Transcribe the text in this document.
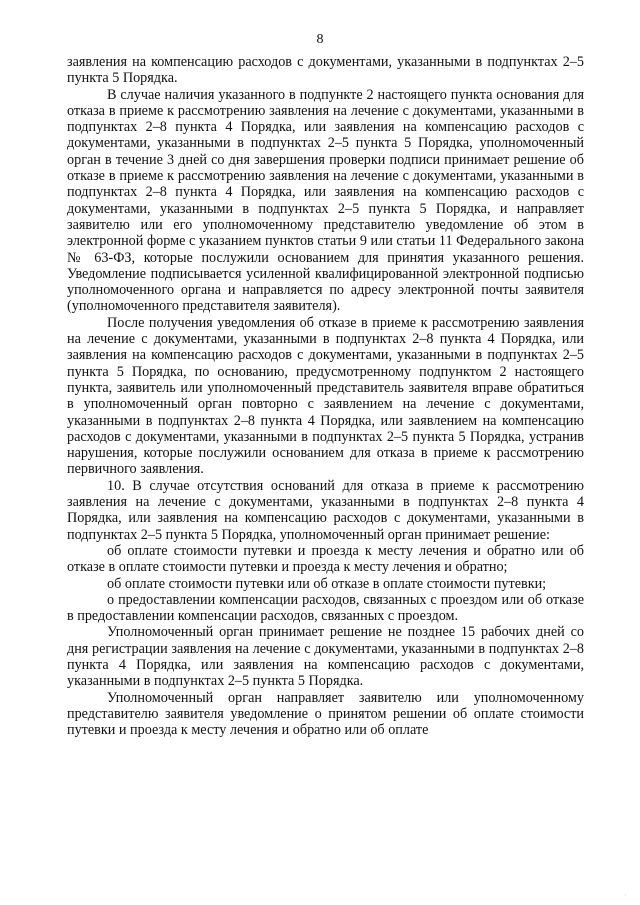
8

заявления на компенсацию расходов с документами, указанными в подпунктах 2–5 пункта 5 Порядка.

В случае наличия указанного в подпункте 2 настоящего пункта основания для отказа в приеме к рассмотрению заявления на лечение с документами, указанными в подпунктах 2–8 пункта 4 Порядка, или заявления на компенсацию расходов с документами, указанными в подпунктах 2–5 пункта 5 Порядка, уполномоченный орган в течение 3 дней со дня завершения проверки подписи принимает решение об отказе в приеме к рассмотрению заявления на лечение с документами, указанными в подпунктах 2–8 пункта 4 Порядка, или заявления на компенсацию расходов с документами, указанными в подпунктах 2–5 пункта 5 Порядка, и направляет заявителю или его уполномоченному представителю уведомление об этом в электронной форме с указанием пунктов статьи 9 или статьи 11 Федерального закона № 63-ФЗ, которые послужили основанием для принятия указанного решения. Уведомление подписывается усиленной квалифицированной электронной подписью уполномоченного органа и направляется по адресу электронной почты заявителя (уполномоченного представителя заявителя).

После получения уведомления об отказе в приеме к рассмотрению заявления на лечение с документами, указанными в подпунктах 2–8 пункта 4 Порядка, или заявления на компенсацию расходов с документами, указанными в подпунктах 2–5 пункта 5 Порядка, по основанию, предусмотренному подпунктом 2 настоящего пункта, заявитель или уполномоченный представитель заявителя вправе обратиться в уполномоченный орган повторно с заявлением на лечение с документами, указанными в подпунктах 2–8 пункта 4 Порядка, или заявлением на компенсацию расходов с документами, указанными в подпунктах 2–5 пункта 5 Порядка, устранив нарушения, которые послужили основанием для отказа в приеме к рассмотрению первичного заявления.

10. В случае отсутствия оснований для отказа в приеме к рассмотрению заявления на лечение с документами, указанными в подпунктах 2–8 пункта 4 Порядка, или заявления на компенсацию расходов с документами, указанными в подпунктах 2–5 пункта 5 Порядка, уполномоченный орган принимает решение:

об оплате стоимости путевки и проезда к месту лечения и обратно или об отказе в оплате стоимости путевки и проезда к месту лечения и обратно;

об оплате стоимости путевки или об отказе в оплате стоимости путевки;

о предоставлении компенсации расходов, связанных с проездом или об отказе в предоставлении компенсации расходов, связанных с проездом.

Уполномоченный орган принимает решение не позднее 15 рабочих дней со дня регистрации заявления на лечение с документами, указанными в подпунктах 2–8 пункта 4 Порядка, или заявления на компенсацию расходов с документами, указанными в подпунктах 2–5 пункта 5 Порядка.

Уполномоченный орган направляет заявителю или уполномоченному представителю заявителя уведомление о принятом решении об оплате стоимости путевки и проезда к месту лечения и обратно или об оплате

·
